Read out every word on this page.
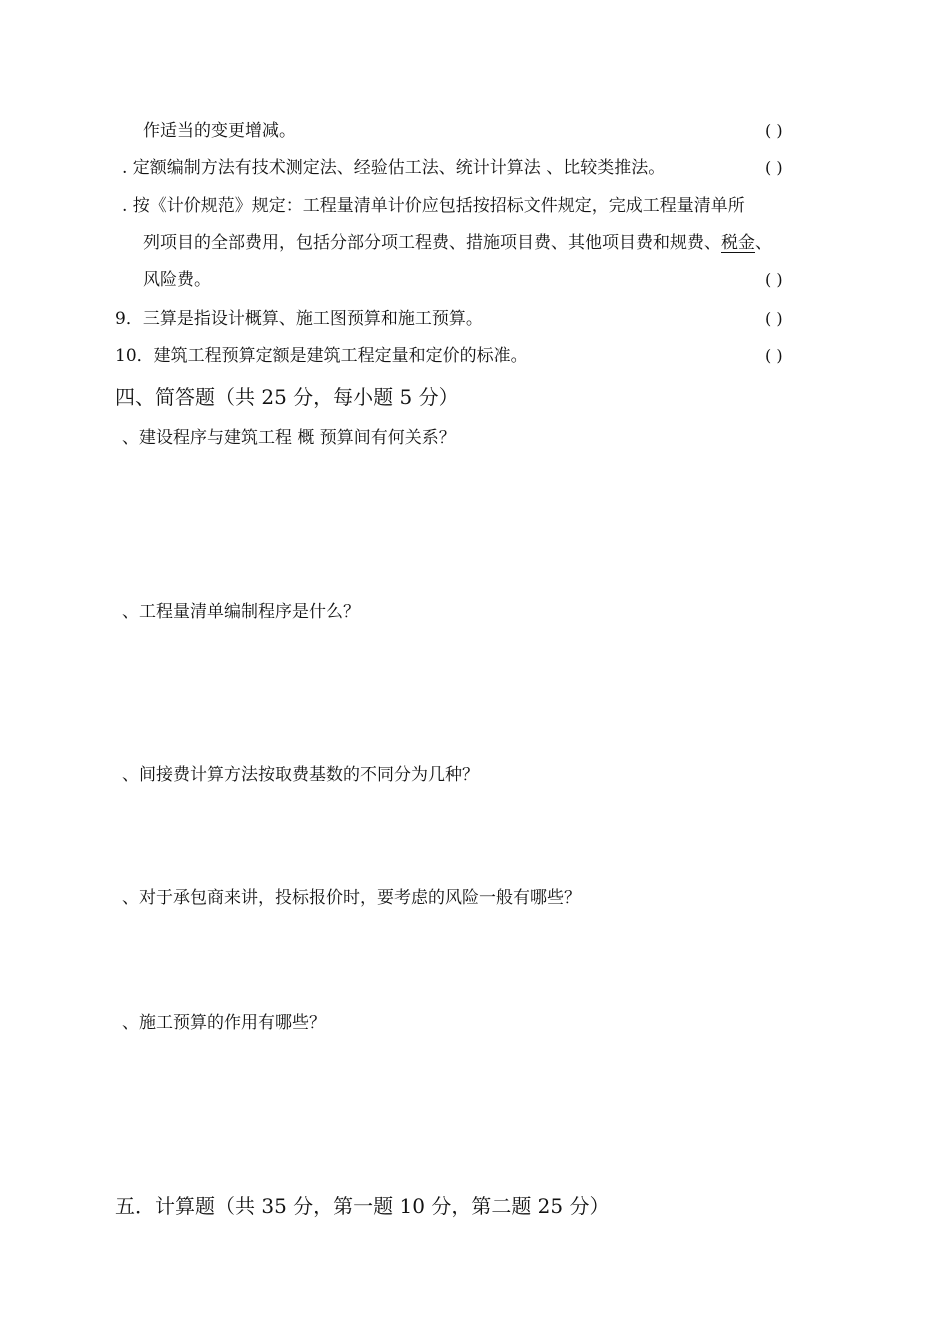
作适当的变更增减。	( )
. 定额编制方法有技术测定法、经验估工法、统计计算法 、比较类推法。	( )
. 按《计价规范》规定：工程量清单计价应包括按招标文件规定，完成工程量清单所
列项目的全部费用，包括分部分项工程费、措施项目费、其他项目费和规费、税金、
风险费。	( )
9．三算是指设计概算、施工图预算和施工预算。	( )
10．建筑工程预算定额是建筑工程定量和定价的标准。	( )
四、简答题（共 25 分，每小题 5 分）
、建设程序与建筑工程 概 预算间有何关系？
、工程量清单编制程序是什么？
、间接费计算方法按取费基数的不同分为几种？
、对于承包商来讲，投标报价时，要考虑的风险一般有哪些？
、施工预算的作用有哪些？
五．计算题（共 35 分，第一题 10 分，第二题 25 分）
